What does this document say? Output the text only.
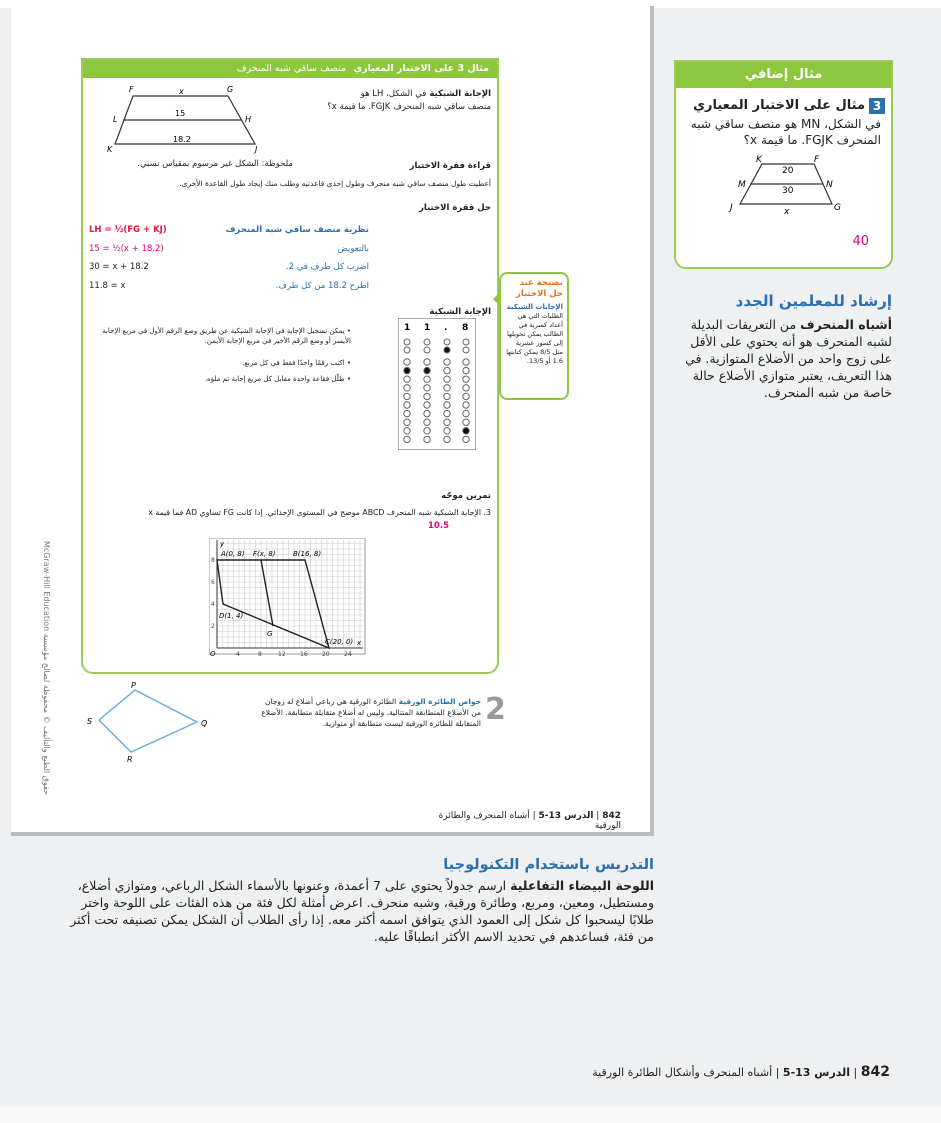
McGraw-Hill Education حقوق الطبع والتأليف © محفوظة لصالح مؤسسة
مثال 3 على الاختبار المعياري منصف ساقي شبه المنحرف
الإجابة الشبكية في الشكل، LH هو
منصف ساقي شبه المنحرف FGJK. ما قيمة x؟
x
15
18.2
F	G
L	H
K	J
ملحوظة: الشكل غير مرسوم بمقياس نسبي.	قراءة فقرة الاختبار
أعطيت طول منصف ساقي شبه منحرف وطول إحدى قاعدتيه وطلب منك إيجاد طول القاعدة الأخرى.
حل فقرة الاختبار
LH = ½(FG + KJ)	نظرية منصف ساقي شبه المنحرف
15 = ½(x + 18.2)	بالتعويض
30 = x + 18.2	اضرب كل طرف في 2.
11.8 = x	اطرح 18.2 من كل طرف.
الإجابة الشبكية
• يمكن تسجيل الإجابة في الإجابة الشبكية عن طريق وضع الرقم الأول في مربع الإجابة الأيسر أو وضع الرقم الأخير في مربع الإجابة الأيمن.
• اكتب رقمًا واحدًا فقط في كل مربع.
• ظلّل فقاعة واحدة مقابل كل مربع إجابة تم ملؤه.
تمرين موجّه
3. الإجابة الشبكية شبه المنحرف ABCD موضح في المستوى الإحداثي. إذا كانت FG تساوي AD فما قيمة x
10.5
A(0, 8) F(x, 8) B(16, 8)
D(1, 4)
G
C(20, 0)
O
y
x
4	8	12 16 20 24
2
4
6
8
1 1 . 8
P
S	Q
R
2
خواص الطائرة الورقية الطائرة الورقية هي رباعي أضلاع له زوجان من الأضلاع المتطابقة المتتالية، وليس له أضلاع متقابلة متطابقة. الأضلاع المتقابلة للطائرة الورقية ليست متطابقة أو متوازية.
842 | الدرس 13-5 | أشباه المنحرف والطائرة الورقية
نصيحة عند حل الاختبار
الإجابات الشبكية
الطلبات التي هي أعداد كسرية في الطالب يمكن تحويلها إلى كسور عشرية مثل 8/5 يمكن كتابتها 1.6 أو 13/5.
مثال إضافي
3
مثال على الاختبار المعياري
في الشكل، MN هو منصف ساقي شبه المنحرف FGJK. ما قيمة x؟
20
30
x
K	F
M	N
J	G
40
إرشاد للمعلمين الجدد
أشباه المنحرف من التعريفات البديلة لشبه المنحرف هو أنه يحتوي على الأقل على زوج واحد من الأضلاع المتوازية. في هذا التعريف، يعتبر متوازي الأضلاع حالة خاصة من شبه المنحرف.
التدريس باستخدام التكنولوجيا
اللوحة البيضاء التفاعلية ارسم جدولاً يحتوي على 7 أعمدة، وعنونها بالأسماء الشكل الرباعي، ومتوازي أضلاع، ومستطيل، ومعين، ومربع، وطائرة ورقية، وشبه منحرف. اعرض أمثلة لكل فئة من هذه الفئات على اللوحة واختر طلابًا ليسحبوا كل شكل إلى العمود الذي يتوافق اسمه أكثر معه. إذا رأى الطلاب أن الشكل يمكن تصنيفه تحت أكثر من فئة، فساعدهم في تحديد الاسم الأكثر انطباقًا عليه.
842 | الدرس 13-5 | أشباه المنحرف وأشكال الطائرة الورقية
